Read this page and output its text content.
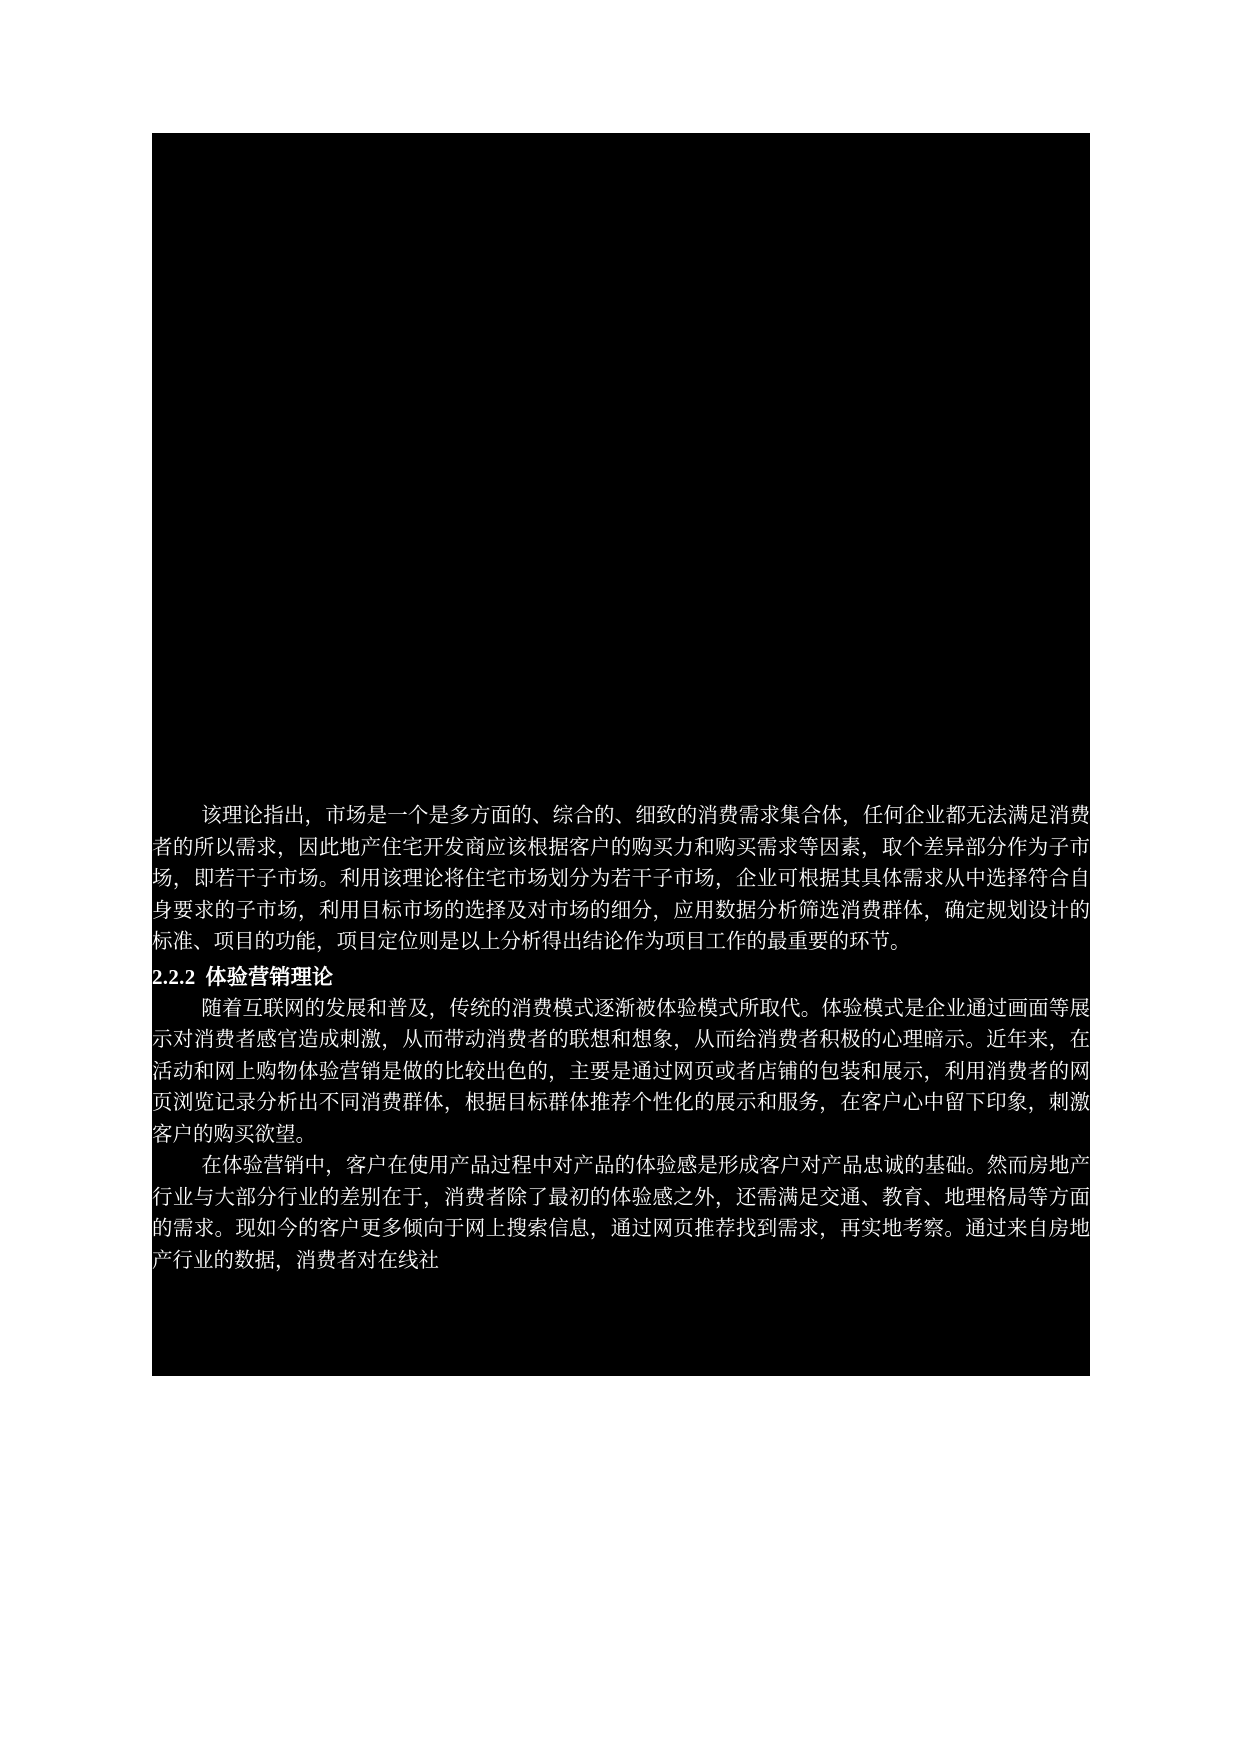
该理论指出，市场是一个是多方面的、综合的、细致的消费需求集合体，任何企业都无法满足消费者的所以需求，因此地产住宅开发商应该根据客户的购买力和购买需求等因素，取个差异部分作为子市场，即若干子市场。利用该理论将住宅市场划分为若干子市场，企业可根据其具体需求从中选择符合自身要求的子市场，利用目标市场的选择及对市场的细分，应用数据分析筛选消费群体，确定规划设计的标准、项目的功能，项目定位则是以上分析得出结论作为项目工作的最重要的环节。

2.2.2 体验营销理论

随着互联网的发展和普及，传统的消费模式逐渐被体验模式所取代。体验模式是企业通过画面等展示对消费者感官造成刺激，从而带动消费者的联想和想象，从而给消费者积极的心理暗示。近年来，在活动和网上购物体验营销是做的比较出色的，主要是通过网页或者店铺的包装和展示，利用消费者的网页浏览记录分析出不同消费群体，根据目标群体推荐个性化的展示和服务，在客户心中留下印象，刺激客户的购买欲望。

在体验营销中，客户在使用产品过程中对产品的体验感是形成客户对产品忠诚的基础。然而房地产行业与大部分行业的差别在于，消费者除了最初的体验感之外，还需满足交通、教育、地理格局等方面的需求。现如今的客户更多倾向于网上搜索信息，通过网页推荐找到需求，再实地考察。通过来自房地产行业的数据，消费者对在线社
